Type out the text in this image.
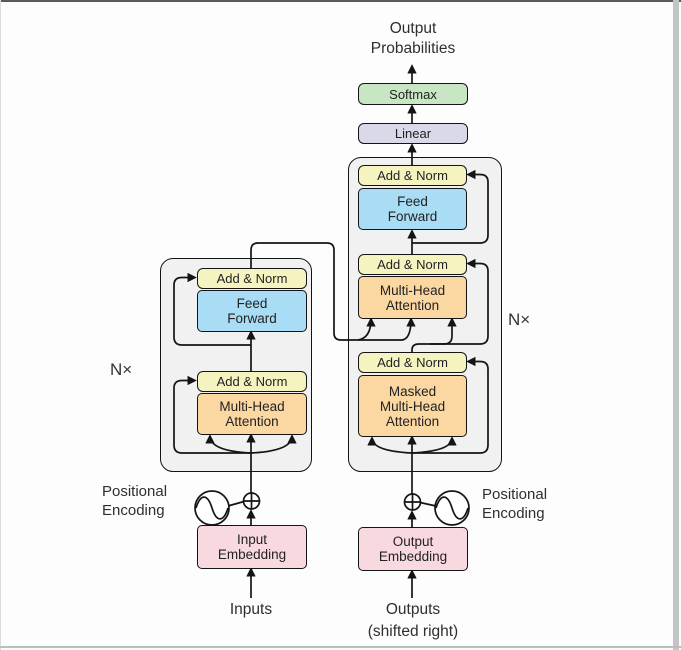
Output
Probabilities
Softmax
Linear
Add & Norm
Feed
Forward
Add & Norm
Multi-Head
Attention
Add & Norm
Masked
Multi-Head
Attention
Add & Norm
Feed
Forward
Add & Norm
Multi-Head
Attention
N×
N×
Input
Embedding
Output
Embedding
Positional
Encoding
Positional
Encoding
Inputs	Outputs
(shifted right)
